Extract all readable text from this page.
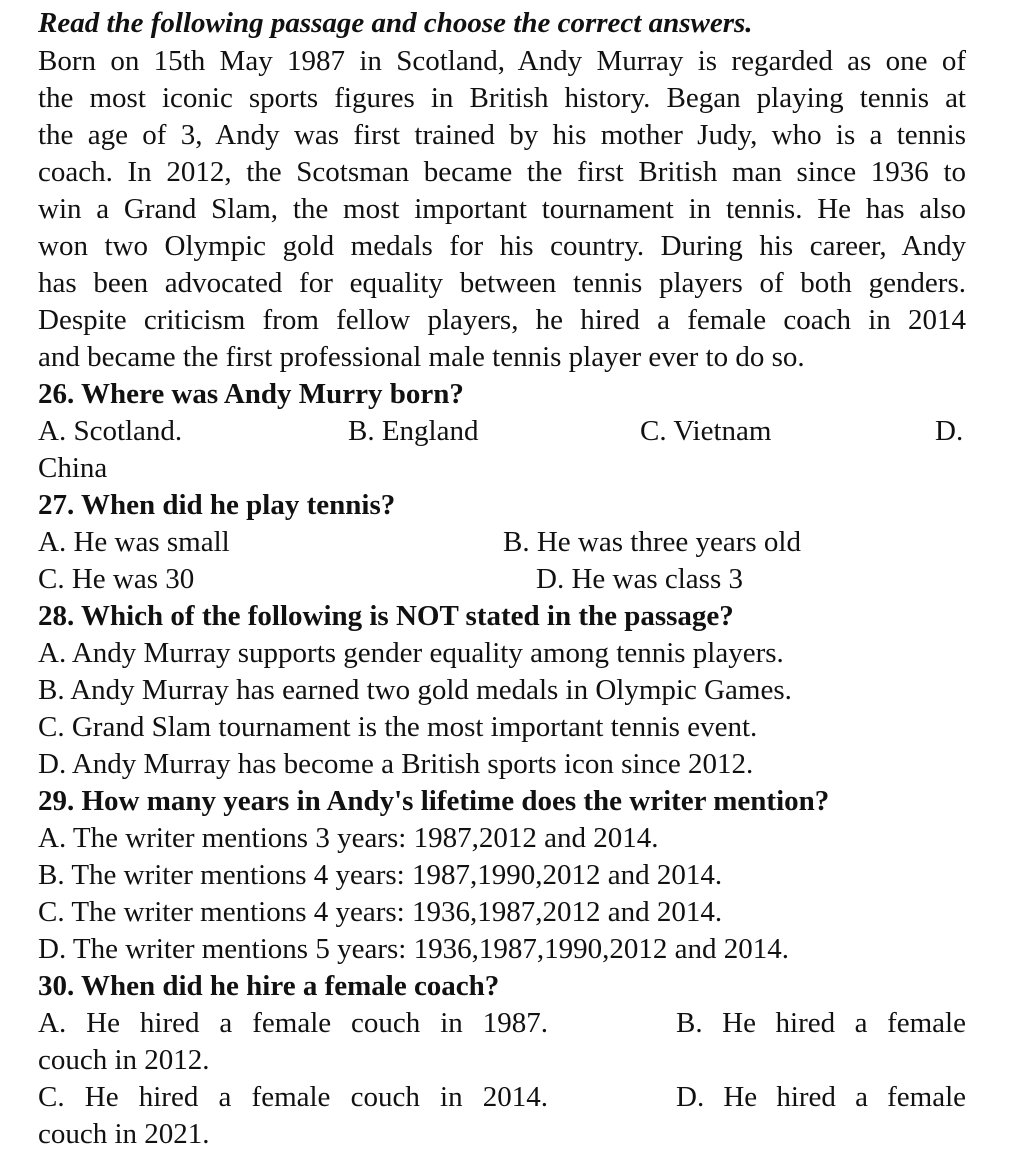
Read the following passage and choose the correct answers.
Born on 15th May 1987 in Scotland, Andy Murray is regarded as one of
the most iconic sports figures in British history. Began playing tennis at
the age of 3, Andy was first trained by his mother Judy, who is a tennis
coach. In 2012, the Scotsman became the first British man since 1936 to
win a Grand Slam, the most important tournament in tennis. He has also
won two Olympic gold medals for his country. During his career, Andy
has been advocated for equality between tennis players of both genders.
Despite criticism from fellow players, he hired a female coach in 2014
and became the first professional male tennis player ever to do so.
26. Where was Andy Murry born?
A. Scotland.	B. England	C. Vietnam	D.
China
27. When did he play tennis?
A. He was small	B. He was three years old
C. He was 30	D. He was class 3
28. Which of the following is NOT stated in the passage?
A. Andy Murray supports gender equality among tennis players.
B. Andy Murray has earned two gold medals in Olympic Games.
C. Grand Slam tournament is the most important tennis event.
D. Andy Murray has become a British sports icon since 2012.
29. How many years in Andy's lifetime does the writer mention?
A. The writer mentions 3 years: 1987,2012 and 2014.
B. The writer mentions 4 years: 1987,1990,2012 and 2014.
C. The writer mentions 4 years: 1936,1987,2012 and 2014.
D. The writer mentions 5 years: 1936,1987,1990,2012 and 2014.
30. When did he hire a female coach?
A. He hired a female couch in 1987.	B. He hired a female
couch in 2012.
C. He hired a female couch in 2014.	D. He hired a female
couch in 2021.
